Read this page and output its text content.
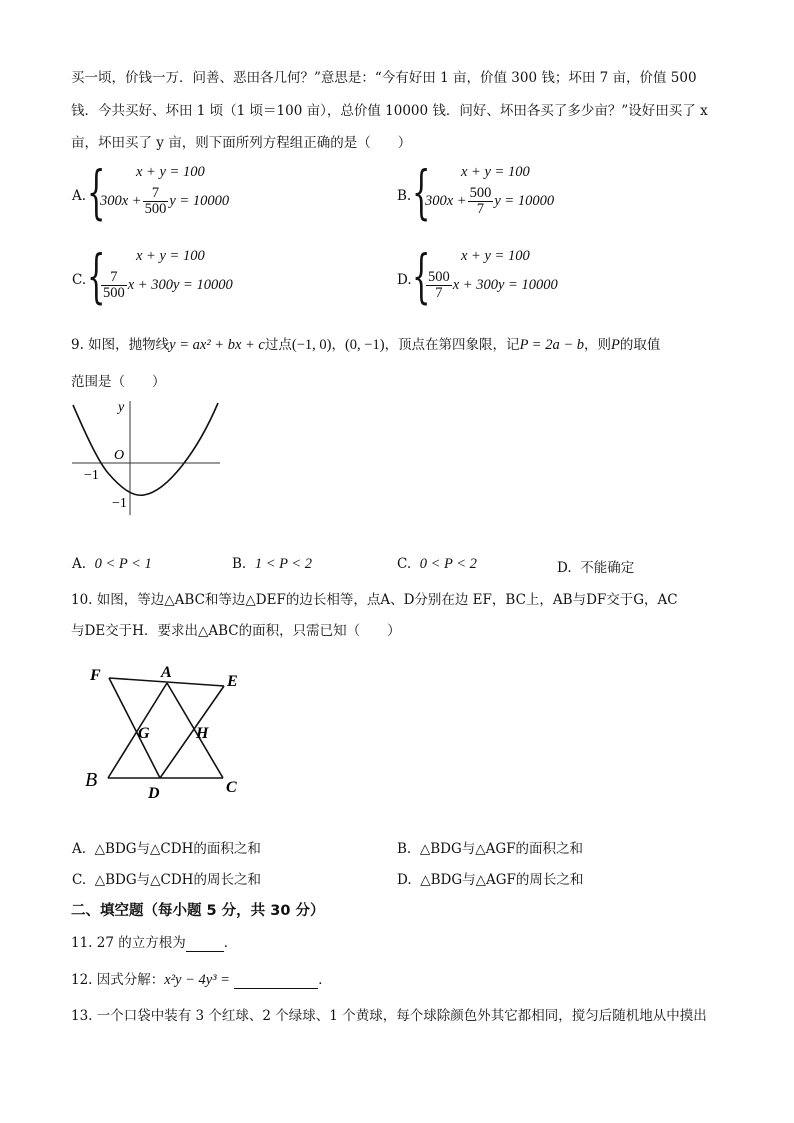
买一顷，价钱一万．问善、恶田各几何？”意思是：“今有好田 1 亩，价值 300 钱；坏田 7 亩，价值 500
钱．今共买好、坏田 1 顷（1 顷＝100 亩），总价值 10000 钱．问好、坏田各买了多少亩？”设好田买了 x
亩，坏田买了 y 亩，则下面所列方程组正确的是（　　）
A. { x + y = 100
$300x + \frac{7}{500}$ y = 10000	B. { x + y = 100
$300x + \frac{500}{7}$ y = 10000
C. { x + y = 100
$\frac{7}{500}$ x + 300y = 10000	D. { x + y = 100
$\frac{500}{7}$ x + 300y = 10000
9. 如图，抛物线y = ax² + bx + c过点(−1, 0)，(0, −1)，顶点在第四象限，记P = 2a − b，则P的取值
范围是（　　）
y
O
−1
−1
A. 0 < P < 1	B. 1 < P < 2	C. 0 < P < 2	D. 不能确定
10. 如图，等边△ABC和等边△DEF的边长相等，点A、D分别在边 EF，BC上，AB与DF交于G，AC
与DE交于H．要求出△ABC的面积，只需已知（　　）
F	A
E
G	H
B
D	C
A. △BDG与△CDH的面积之和	B. △BDG与△AGF的面积之和
C. △BDG与△CDH的周长之和	D. △BDG与△AGF的周长之和
二、填空题（每小题 5 分，共 30 分）
11. 27 的立方根为	．
12. 因式分解：x²y − 4y³ =	．
13. 一个口袋中装有 3 个红球、2 个绿球、1 个黄球，每个球除颜色外其它都相同，搅匀后随机地从中摸出
